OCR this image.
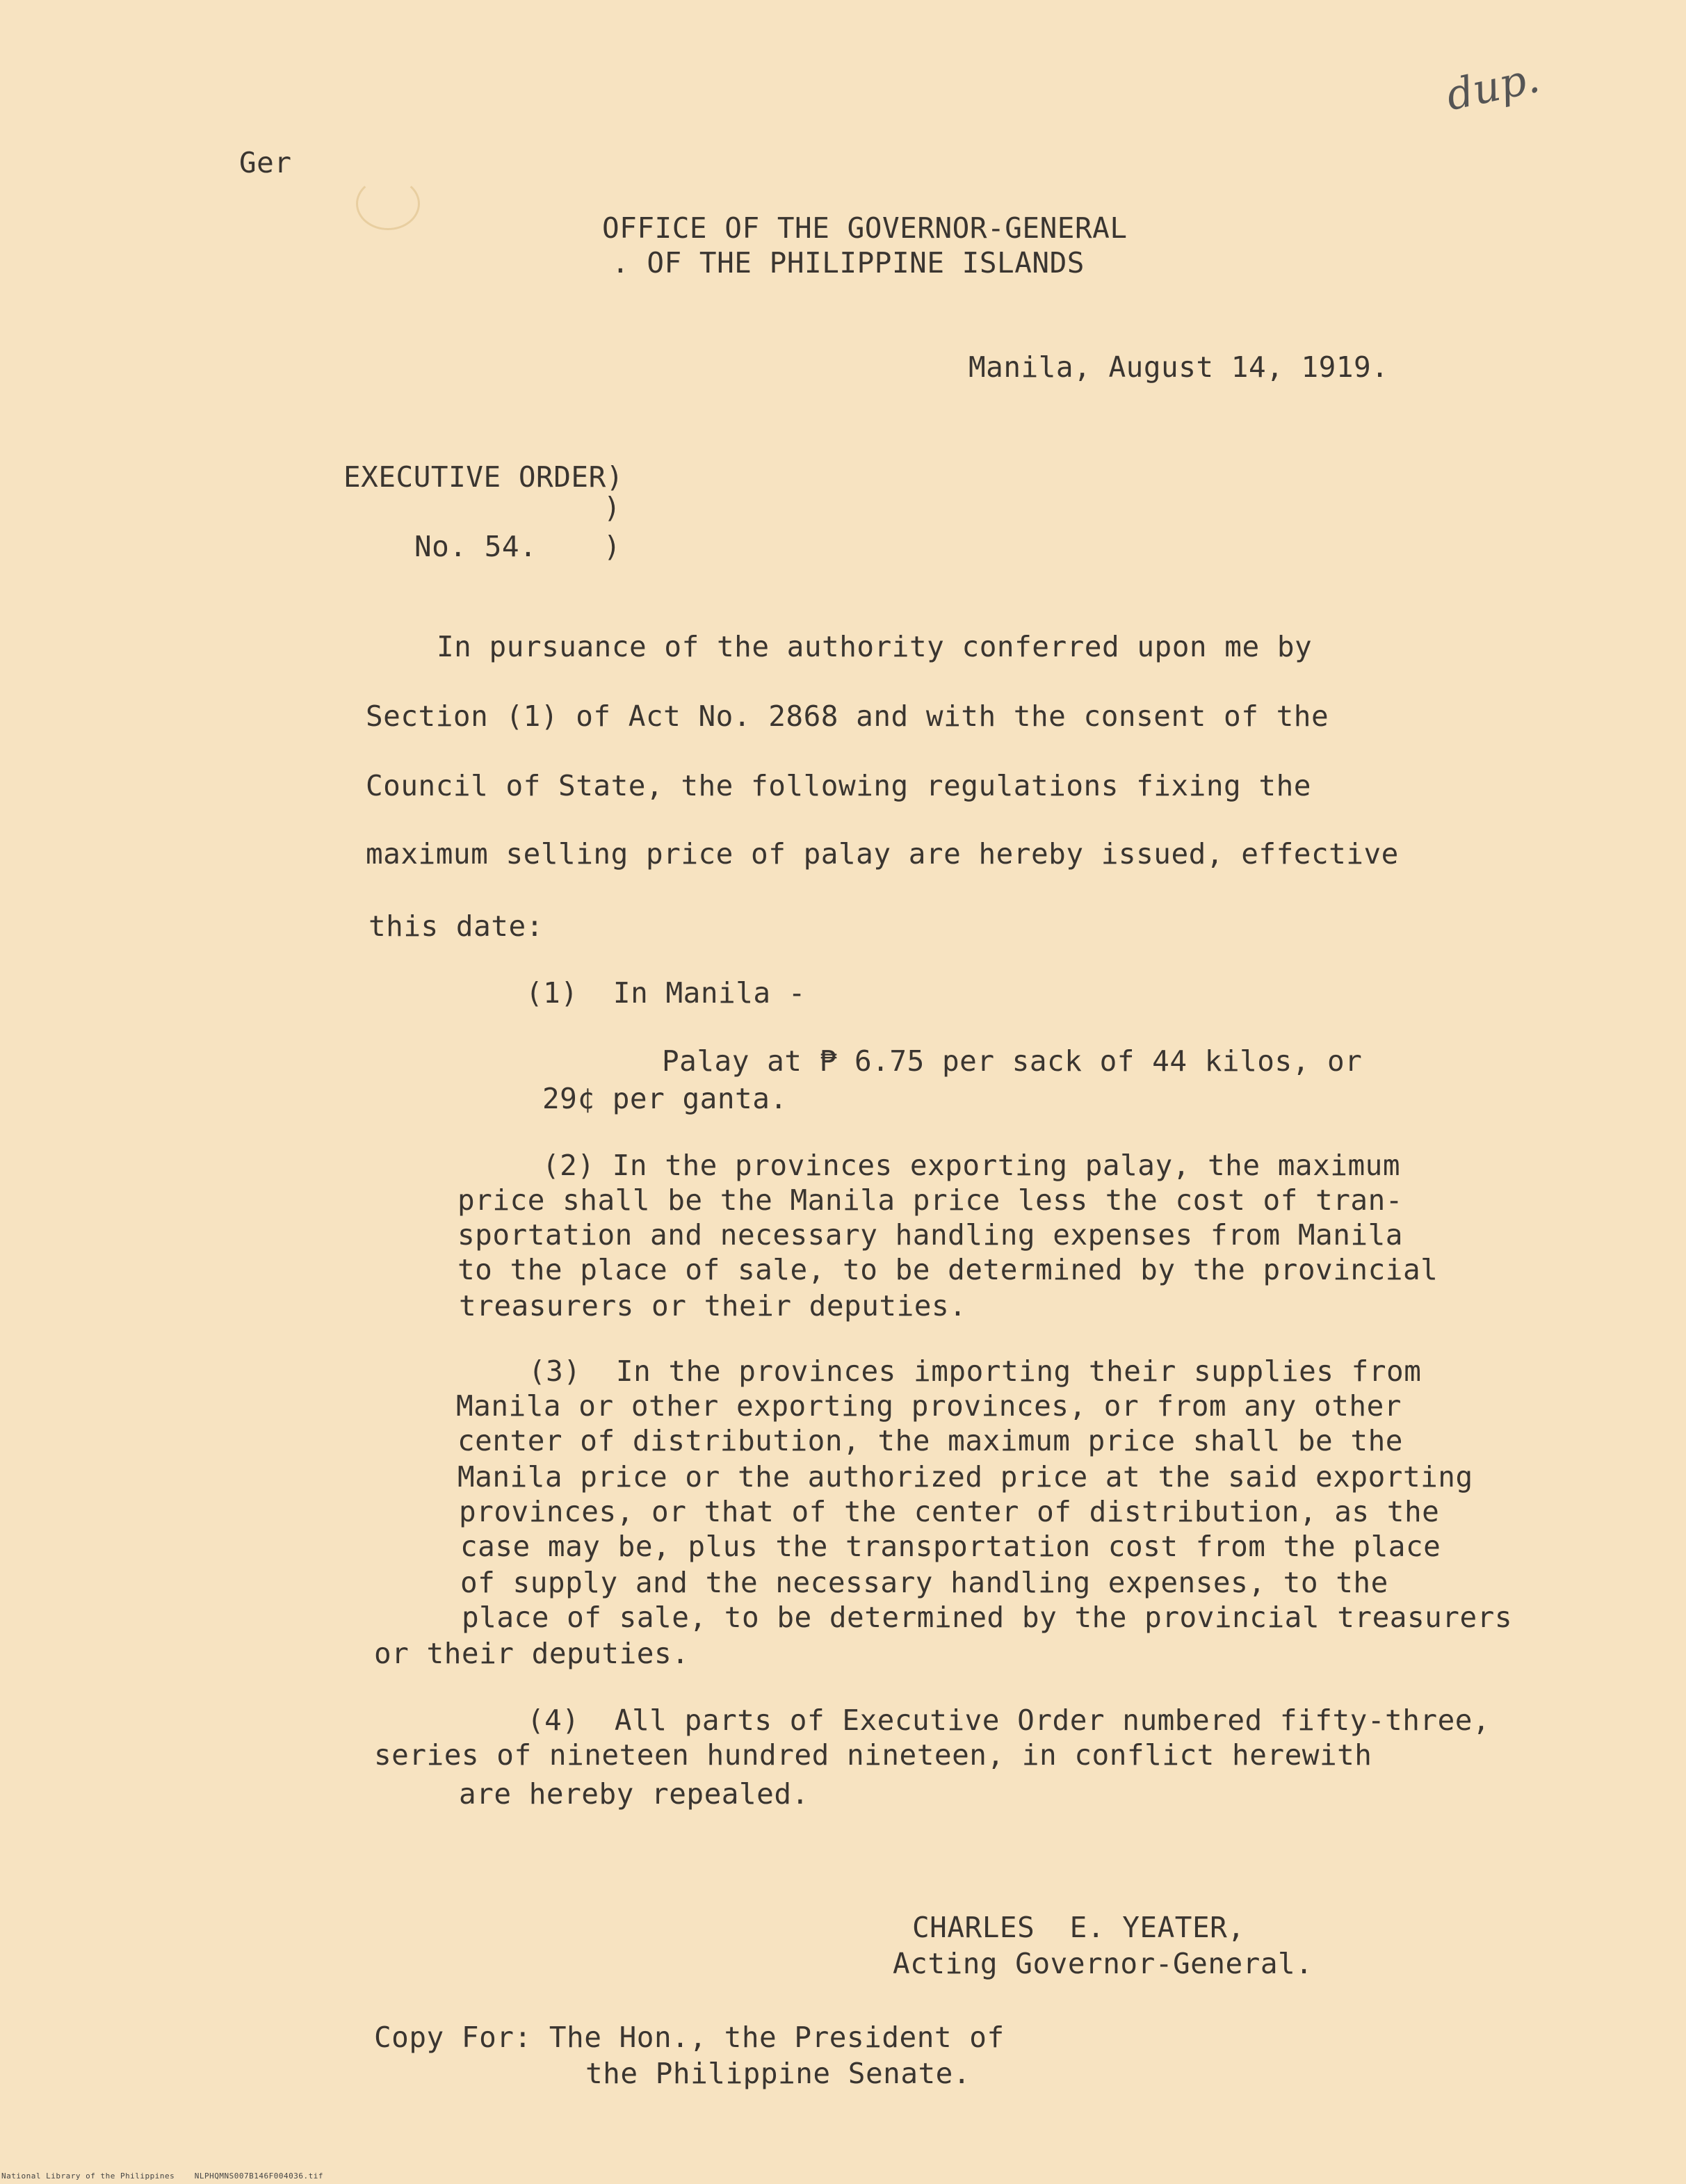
Ger

dup.

OFFICE OF THE GOVERNOR-GENERAL

. OF THE PHILIPPINE ISLANDS

Manila, August 14, 1919.

EXECUTIVE ORDER)

)

No. 54. )

In pursuance of the authority conferred upon me by

Section (1) of Act No. 2868 and with the consent of the

Council of State, the following regulations fixing the

maximum selling price of palay are hereby issued, effective

this date:

(1)  In Manila -

Palay at ₱ 6.75 per sack of 44 kilos, or

29¢ per ganta.

(2) In the provinces exporting palay, the maximum

price shall be the Manila price less the cost of tran-

sportation and necessary handling expenses from Manila

to the place of sale, to be determined by the provincial

treasurers or their deputies.

(3)  In the provinces importing their supplies from

Manila or other exporting provinces, or from any other

center of distribution, the maximum price shall be the

Manila price or the authorized price at the said exporting

provinces, or that of the center of distribution, as the

case may be, plus the transportation cost from the place

of supply and the necessary handling expenses, to the

place of sale, to be determined by the provincial treasurers

or their deputies.

(4)  All parts of Executive Order numbered fifty-three,

series of nineteen hundred nineteen, in conflict herewith

are hereby repealed.

CHARLES  E. YEATER,

Acting Governor-General.

Copy For: The Hon., the President of

the Philippine Senate.

National Library of the Philippines    NLPHQMNS007B146F004036.tif
